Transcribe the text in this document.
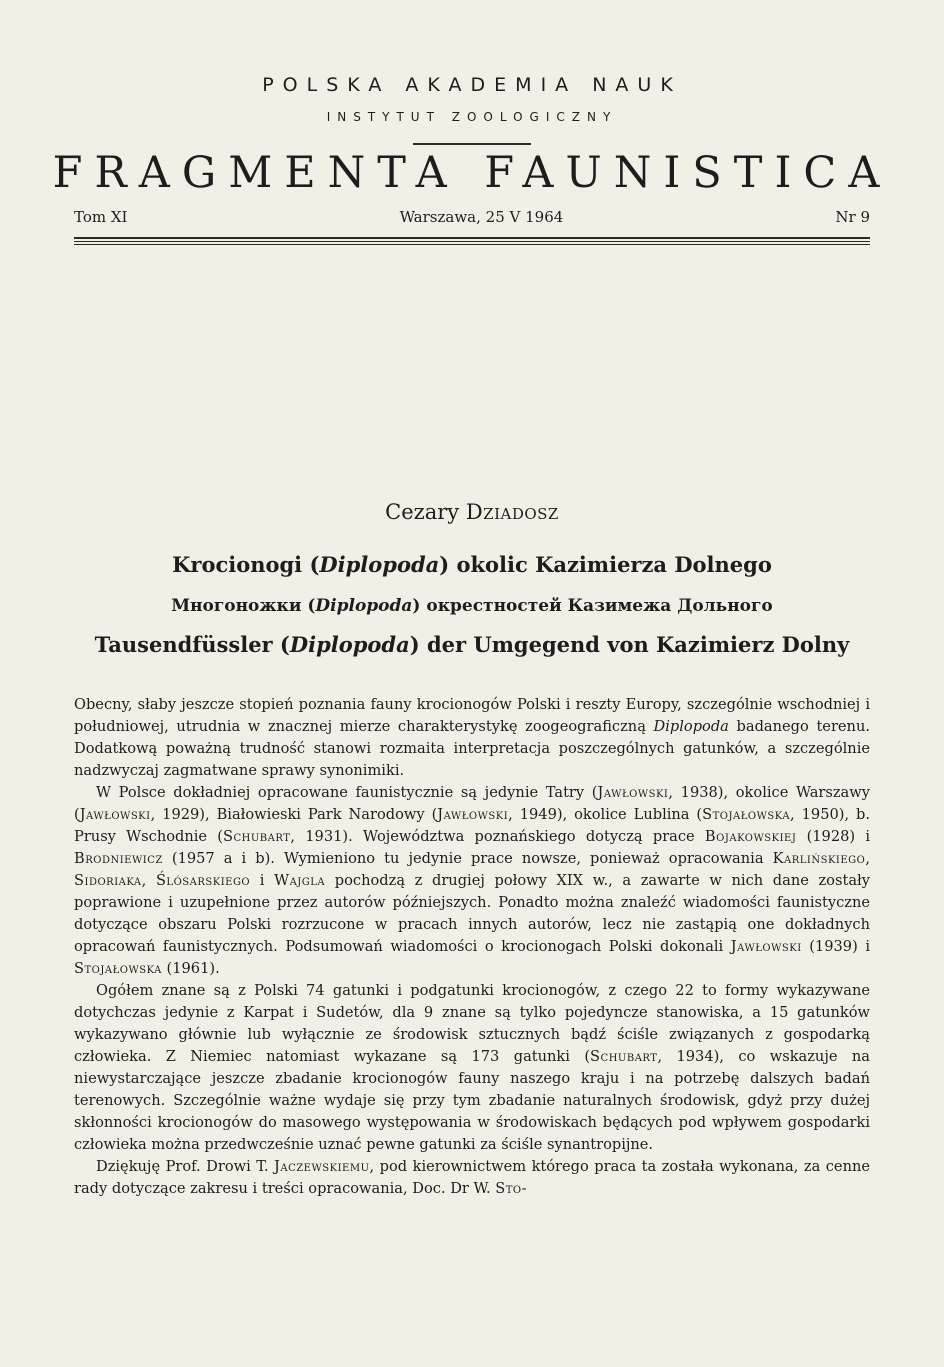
POLSKA AKADEMIA NAUK
INSTYTUT ZOOLOGICZNY
FRAGMENTA FAUNISTICA
Tom XI	Warszawa, 25 V 1964	Nr 9
Cezary Dziadosz
Krocionogi (Diplopoda) okolic Kazimierza Dolnego
Многоножки (Diplopoda) окрестностей Казимежа Дольного
Tausendfüssler (Diplopoda) der Umgegend von Kazimierz Dolny

Obecny, słaby jeszcze stopień poznania fauny krocionogów Polski i reszty Europy, szczególnie wschodniej i południowej, utrudnia w znacznej mierze charakterystykę zoogeograficzną Diplopoda badanego terenu. Dodatkową poważną trudność stanowi rozmaita interpretacja poszczególnych gatunków, a szczególnie nadzwyczaj zagmatwane sprawy synonimiki.

W Polsce dokładniej opracowane faunistycznie są jedynie Tatry (Jawłowski, 1938), okolice Warszawy (Jawłowski, 1929), Białowieski Park Narodowy (Jawłowski, 1949), okolice Lublina (Stojałowska, 1950), b. Prusy Wschodnie (Schubart, 1931). Województwa poznańskiego dotyczą prace Bojakowskiej (1928) i Brodniewicz (1957 a i b). Wymieniono tu jedynie prace nowsze, ponieważ opracowania Karlińskiego, Sidoriaka, Ślósarskiego i Wajgla pochodzą z drugiej połowy XIX w., a zawarte w nich dane zostały poprawione i uzupełnione przez autorów późniejszych. Ponadto można znaleźć wiadomości faunistyczne dotyczące obszaru Polski rozrzucone w pracach innych autorów, lecz nie zastąpią one dokładnych opracowań faunistycznych. Podsumowań wiadomości o krocionogach Polski dokonali Jawłowski (1939) i Stojałowska (1961).

Ogółem znane są z Polski 74 gatunki i podgatunki krocionogów, z czego 22 to formy wykazywane dotychczas jedynie z Karpat i Sudetów, dla 9 znane są tylko pojedyncze stanowiska, a 15 gatunków wykazywano głównie lub wyłącznie ze środowisk sztucznych bądź ściśle związanych z gospodarką człowieka. Z Niemiec natomiast wykazane są 173 gatunki (Schubart, 1934), co wskazuje na niewystarczające jeszcze zbadanie krocionogów fauny naszego kraju i na potrzebę dalszych badań terenowych. Szczególnie ważne wydaje się przy tym zbadanie naturalnych środowisk, gdyż przy dużej skłonności krocionogów do masowego występowania w środowiskach będących pod wpływem gospodarki człowieka można przedwcześnie uznać pewne gatunki za ściśle synantropijne.

Dziękuję Prof. Drowi T. Jaczewskiemu, pod kierownictwem którego praca ta została wykonana, za cenne rady dotyczące zakresu i treści opracowania, Doc. Dr W. Sto-
